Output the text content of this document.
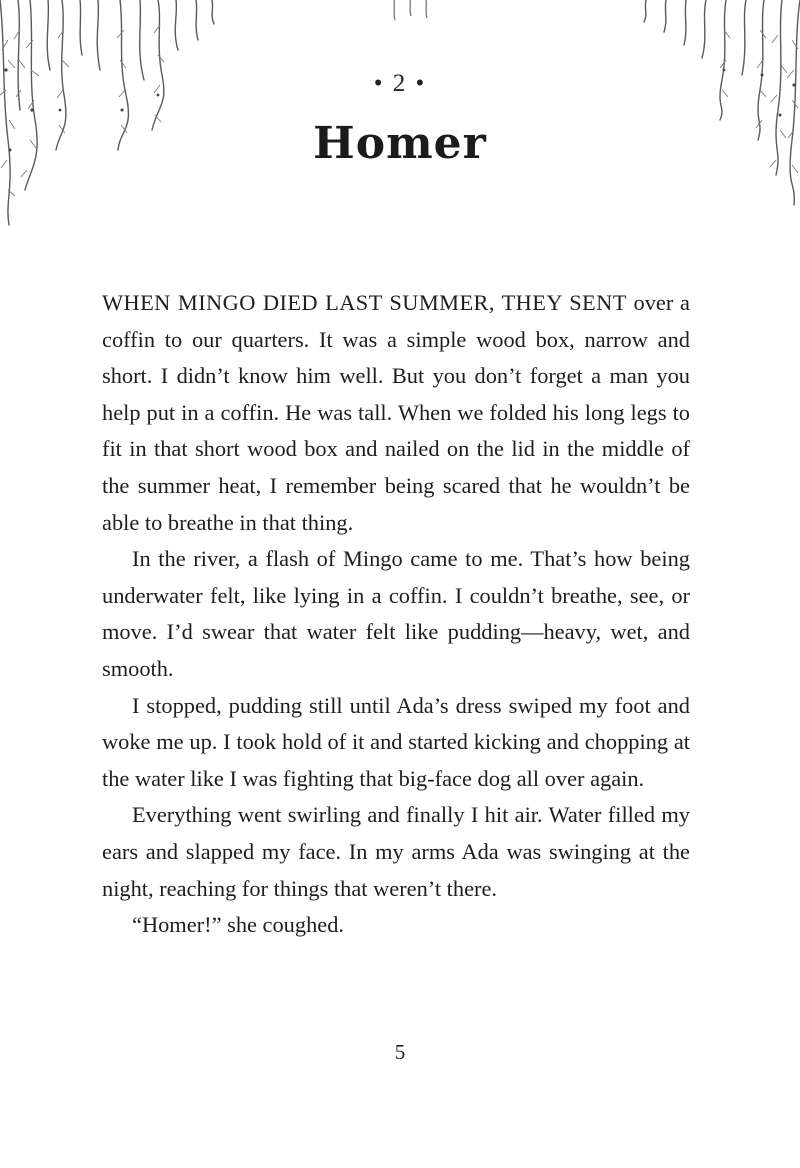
• 2 •
Homer

WHEN MINGO DIED LAST SUMMER, THEY SENT over a coffin to our quarters. It was a simple wood box, narrow and short. I didn’t know him well. But you don’t forget a man you help put in a coffin. He was tall. When we folded his long legs to fit in that short wood box and nailed on the lid in the middle of the summer heat, I remember being scared that he wouldn’t be able to breathe in that thing.

In the river, a flash of Mingo came to me. That’s how being underwater felt, like lying in a coffin. I couldn’t breathe, see, or move. I’d swear that water felt like pudding—heavy, wet, and smooth.

I stopped, pudding still until Ada’s dress swiped my foot and woke me up. I took hold of it and started kicking and chopping at the water like I was fighting that big-face dog all over again.

Everything went swirling and finally I hit air. Water filled my ears and slapped my face. In my arms Ada was swinging at the night, reaching for things that weren’t there.

“Homer!” she coughed.

5
